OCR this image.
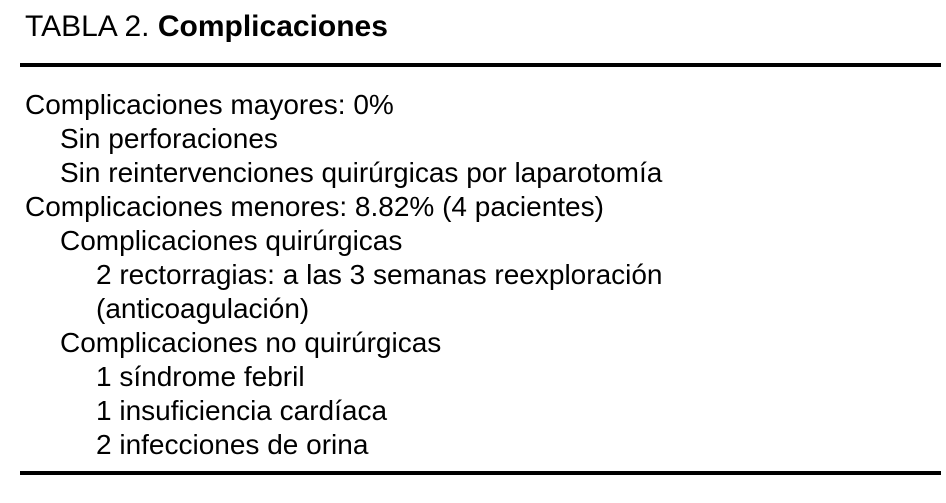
TABLA 2. Complicaciones
Complicaciones mayores: 0%
Sin perforaciones
Sin reintervenciones quirúrgicas por laparotomía
Complicaciones menores: 8.82% (4 pacientes)
Complicaciones quirúrgicas
2 rectorragias: a las 3 semanas reexploración
(anticoagulación)
Complicaciones no quirúrgicas
1 síndrome febril
1 insuficiencia cardíaca
2 infecciones de orina
